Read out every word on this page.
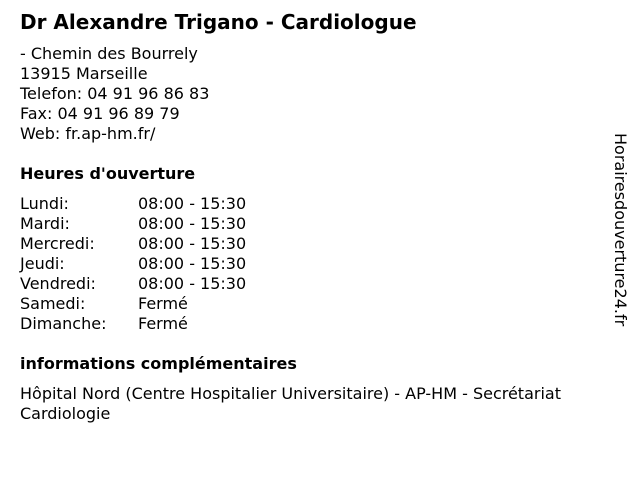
Dr Alexandre Trigano - Cardiologue
- Chemin des Bourrely
13915 Marseille
Telefon: 04 91 96 86 83
Fax: 04 91 96 89 79
Web: fr.ap-hm.fr/
Heures d'ouverture
Lundi:	08:00 - 15:30
Mardi:	08:00 - 15:30
Mercredi:	08:00 - 15:30
Jeudi:	08:00 - 15:30
Vendredi:	08:00 - 15:30
Samedi:	Fermé
Dimanche:	Fermé
informations complémentaires
Hôpital Nord (Centre Hospitalier Universitaire) - AP-HM - Secrétariat Cardiologie
Horairesdouverture24.fr
